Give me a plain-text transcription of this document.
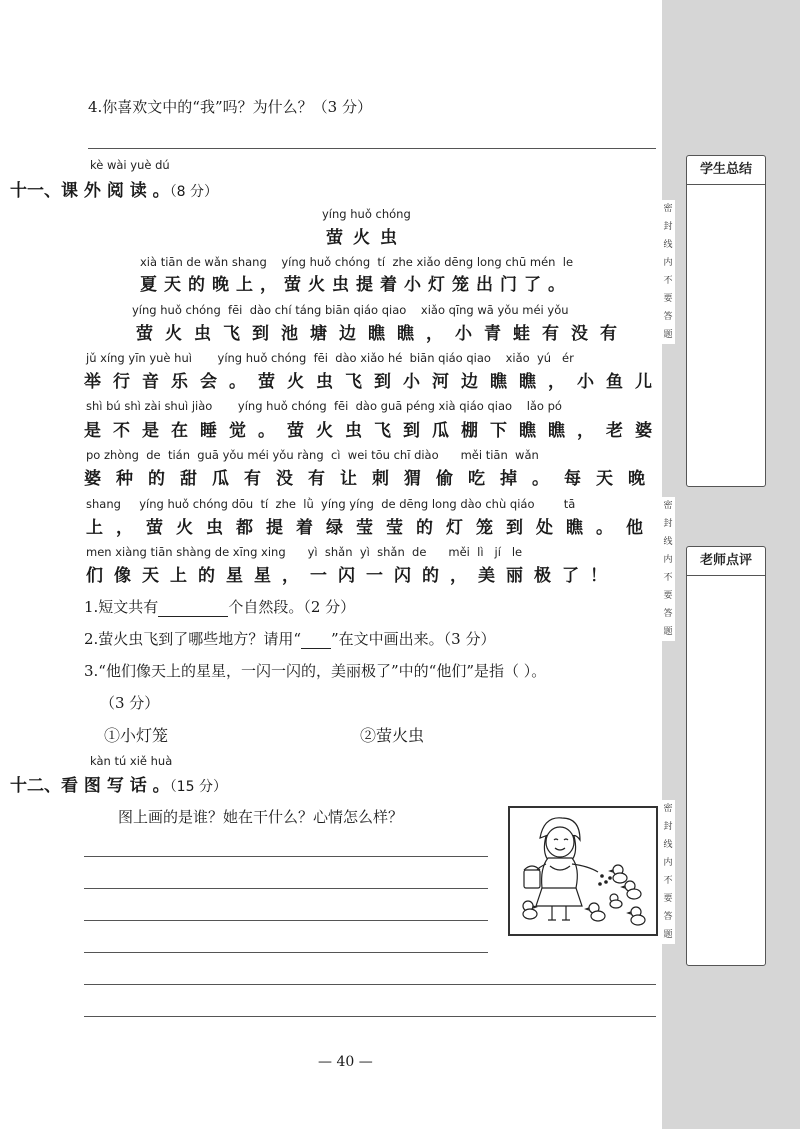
学生总结
老师点评
密
封
线
内
不
要
答
题
密
封
线
内
不
要
答
题
密
封
线
内
不
要
答
题
4.你喜欢文中的“我”吗？为什么？（3 分）
kè wài yuè dú
十一、课 外 阅 读 。（8 分）
yíng huǒ chóng
萤火虫
xià tiān de wǎn shang    yíng huǒ chóng  tí  zhe xiǎo dēng long chū mén  le
夏天的晚上，萤火虫提着小灯笼出门了。
yíng huǒ chóng  fēi  dào chí táng biān qiáo qiao    xiǎo qīng wā yǒu méi yǒu
萤火虫飞到池塘边瞧瞧，小青蛙有没有
jǔ xíng yīn yuè huì       yíng huǒ chóng  fēi  dào xiǎo hé  biān qiáo qiao    xiǎo  yú   ér
举行音乐会。萤火虫飞到小河边瞧瞧，小鱼儿
shì bú shì zài shuì jiào       yíng huǒ chóng  fēi  dào guā péng xià qiáo qiao    lǎo pó
是不是在睡觉。萤火虫飞到瓜棚下瞧瞧，老婆
po zhòng  de  tián  guā yǒu méi yǒu ràng  cì  wei tōu chī diào      měi tiān  wǎn
婆种的甜瓜有没有让刺猬偷吃掉。每天晚
shang     yíng huǒ chóng dōu  tí  zhe  lǜ  yíng yíng  de dēng long dào chù qiáo        tā
上，萤火虫都提着绿莹莹的灯笼到处瞧。他
men xiàng tiān shàng de xīng xing      yì  shǎn  yì  shǎn  de      měi  lì   jí   le
们像天上的星星，一闪一闪的，美丽极了！
1.短文共有	个自然段。（2 分）
2.萤火虫飞到了哪些地方？请用“ ”在文中画出来。（3 分）
3.“他们像天上的星星，一闪一闪的，美丽极了”中的“他们”是指（ ）。
（3 分）
①小灯笼	②萤火虫
kàn tú xiě huà
十二、看 图 写 话 。（15 分）
图上画的是谁？她在干什么？心情怎么样？
— 40 —
